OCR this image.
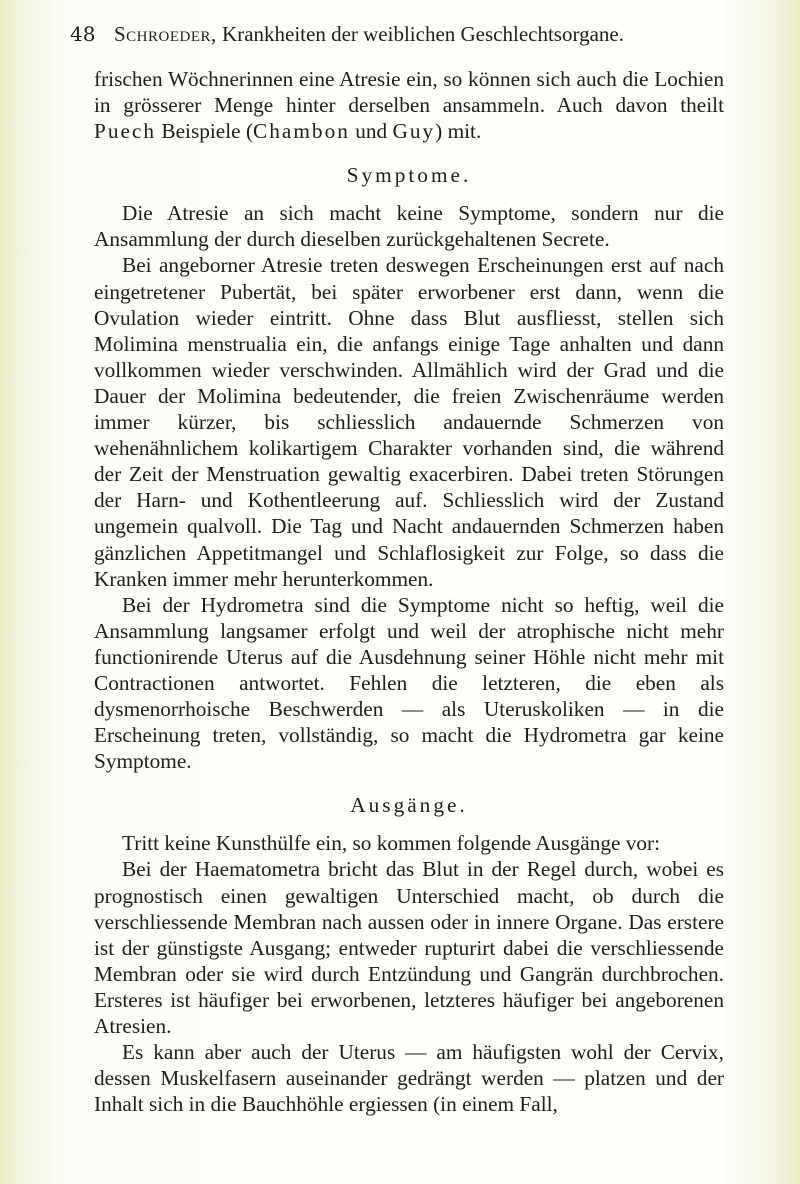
48 Schroeder, Krankheiten der weiblichen Geschlechtsorgane.

frischen Wöchnerinnen eine Atresie ein, so können sich auch die Lochien in grösserer Menge hinter derselben ansammeln. Auch davon theilt Puech Beispiele (Chambon und Guy) mit.

Symptome.

Die Atresie an sich macht keine Symptome, sondern nur die Ansammlung der durch dieselben zurückgehaltenen Secrete.

Bei angeborner Atresie treten deswegen Erscheinungen erst auf nach eingetretener Pubertät, bei später erworbener erst dann, wenn die Ovulation wieder eintritt. Ohne dass Blut ausfliesst, stellen sich Molimina menstrualia ein, die anfangs einige Tage anhalten und dann vollkommen wieder verschwinden. Allmählich wird der Grad und die Dauer der Molimina bedeutender, die freien Zwischenräume werden immer kürzer, bis schliesslich andauernde Schmerzen von wehenähnlichem kolikartigem Charakter vorhanden sind, die während der Zeit der Menstruation gewaltig exacerbiren. Dabei treten Störungen der Harn- und Kothentleerung auf. Schliesslich wird der Zustand ungemein qualvoll. Die Tag und Nacht andauernden Schmerzen haben gänzlichen Appetitmangel und Schlaflosigkeit zur Folge, so dass die Kranken immer mehr herunterkommen.

Bei der Hydrometra sind die Symptome nicht so heftig, weil die Ansammlung langsamer erfolgt und weil der atrophische nicht mehr functionirende Uterus auf die Ausdehnung seiner Höhle nicht mehr mit Contractionen antwortet. Fehlen die letzteren, die eben als dysmenorrhoische Beschwerden — als Uteruskoliken — in die Erscheinung treten, vollständig, so macht die Hydrometra gar keine Symptome.

Ausgänge.

Tritt keine Kunsthülfe ein, so kommen folgende Ausgänge vor:

Bei der Haematometra bricht das Blut in der Regel durch, wobei es prognostisch einen gewaltigen Unterschied macht, ob durch die verschliessende Membran nach aussen oder in innere Organe. Das erstere ist der günstigste Ausgang; entweder rupturirt dabei die verschliessende Membran oder sie wird durch Entzündung und Gangrän durchbrochen. Ersteres ist häufiger bei erworbenen, letzteres häufiger bei angeborenen Atresien.

Es kann aber auch der Uterus — am häufigsten wohl der Cervix, dessen Muskelfasern auseinander gedrängt werden — platzen und der Inhalt sich in die Bauchhöhle ergiessen (in einem Fall,
